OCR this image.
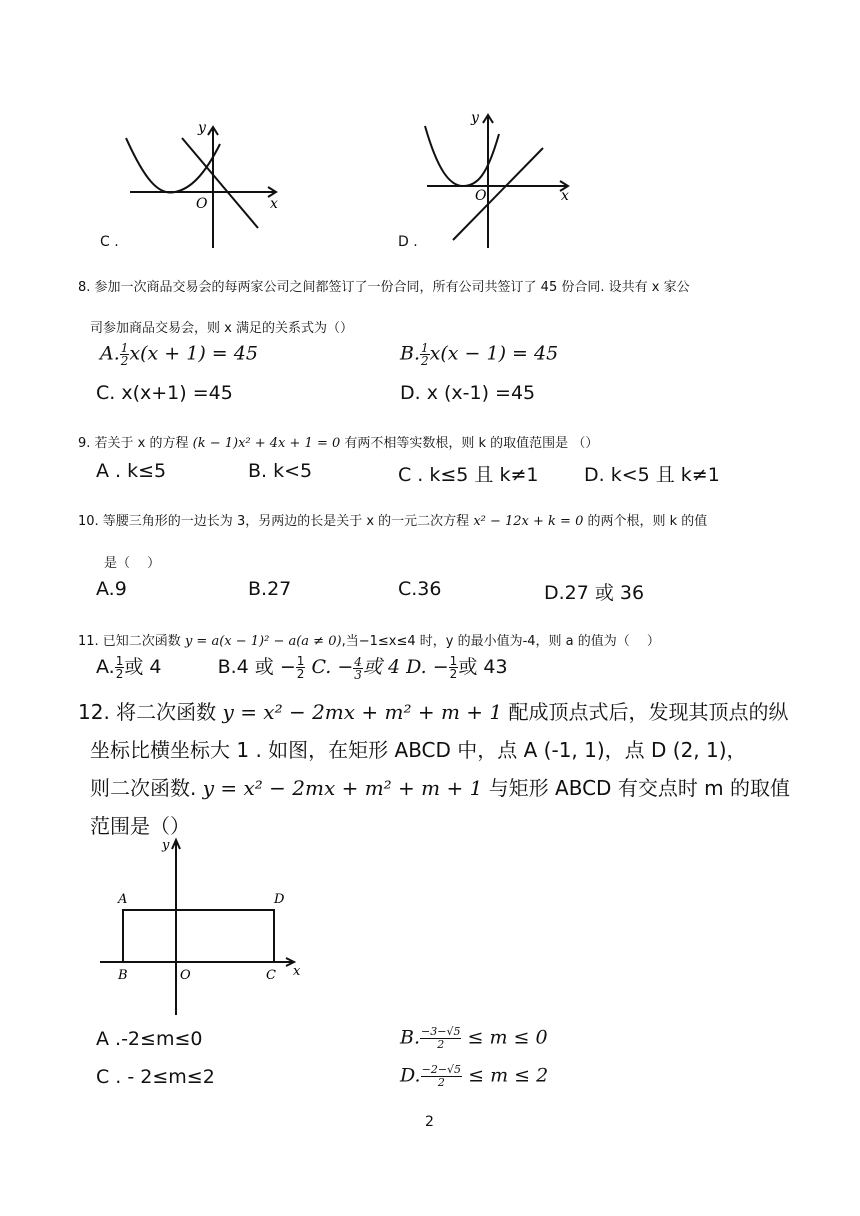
y
O	x
C .
y
O	x
D .
8. 参加一次商品交易会的每两家公司之间都签订了一份合同，所有公司共签订了 45 份合同. 设共有 x 家公
司参加商品交易会，则 x 满足的关系式为（）
A. $\frac{1}{2} x(x + 1) = 45$	B. $\frac{1}{2} x(x - 1) = 45$
C. x(x+1) =45	D. x (x-1) =45
9. 若关于 x 的方程 (k − 1)x² + 4x + 1 = 0 有两不相等实数根，则 k 的取值范围是 （）
A . k≤5	B. k<5	C . k≤5 且 k≠1 D. k<5 且 k≠1
10. 等腰三角形的一边长为 3，另两边的长是关于 x 的一元二次方程 x² − 12x + k = 0 的两个根，则 k 的值
是（　 ）
A.9	B.27	C.36	D.27 或 36
11. 已知二次函数 y = a(x − 1)² − a(a ≠ 0),当−1≤x≤4 时，y 的最小值为-4，则 a 的值为（　 ）
A. $\frac{1}{2}$ 或 4	B.4 或 − $\frac{1}{2} C$. − $\frac{4}{3}$ 或 4 D. − $\frac{1}{2}$ 或 43
12. 将二次函数 y = x² − 2mx + m² + m + 1 配成顶点式后，发现其顶点的纵
坐标比横坐标大 1 . 如图，在矩形 ABCD 中，点 A (-1, 1)，点 D (2, 1)，
则二次函数. y = x² − 2mx + m² + m + 1 与矩形 ABCD 有交点时 m 的取值
范围是（）
y
A	D
B	O	C x
A .-2≤m≤0	B. $\frac{-3-√5}{2} \le m \le 0$
C . - 2≤m≤2	D. $\frac{-2-√5}{2} \le m \le 2$
2
